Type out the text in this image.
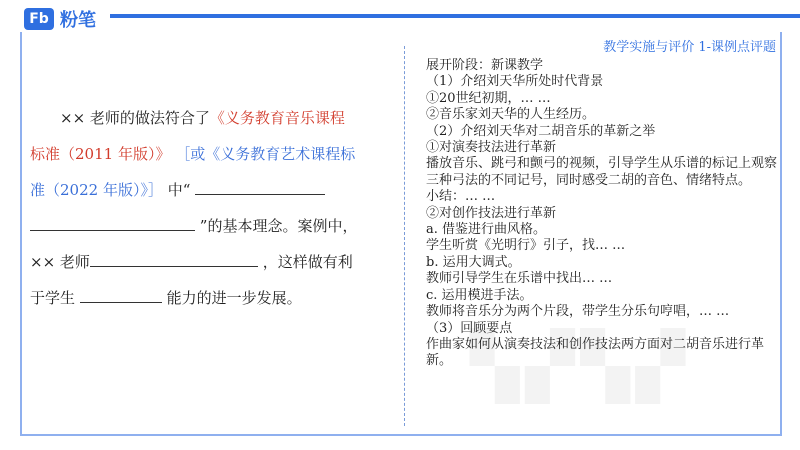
Fb 粉笔
教学实施与评价 1-课例点评题

×× 老师的做法符合了《义务教育音乐课程

标准（2011 年版）》 ［或《义务教育艺术课程标

准（2022 年版）》］ 中“

”的基本理念。案例中，

×× 老师	，这样做有利

于学生	能力的进一步发展。

展开阶段：新课教学
（1）介绍刘天华所处时代背景
①20世纪初期，… …
②音乐家刘天华的人生经历。
（2）介绍刘天华对二胡音乐的革新之举
①对演奏技法进行革新
播放音乐、跳弓和颤弓的视频，引导学生从乐谱的标记上观察三种弓法的不同记号，同时感受二胡的音色、情绪特点。
小结：… …
②对创作技法进行革新
a. 借鉴进行曲风格。
学生听赏《光明行》引子，找… …
b. 运用大调式。
教师引导学生在乐谱中找出… …
c. 运用模进手法。
教师将音乐分为两个片段，带学生分乐句哼唱，… …
（3）回顾要点
作曲家如何从演奏技法和创作技法两方面对二胡音乐进行革新。
